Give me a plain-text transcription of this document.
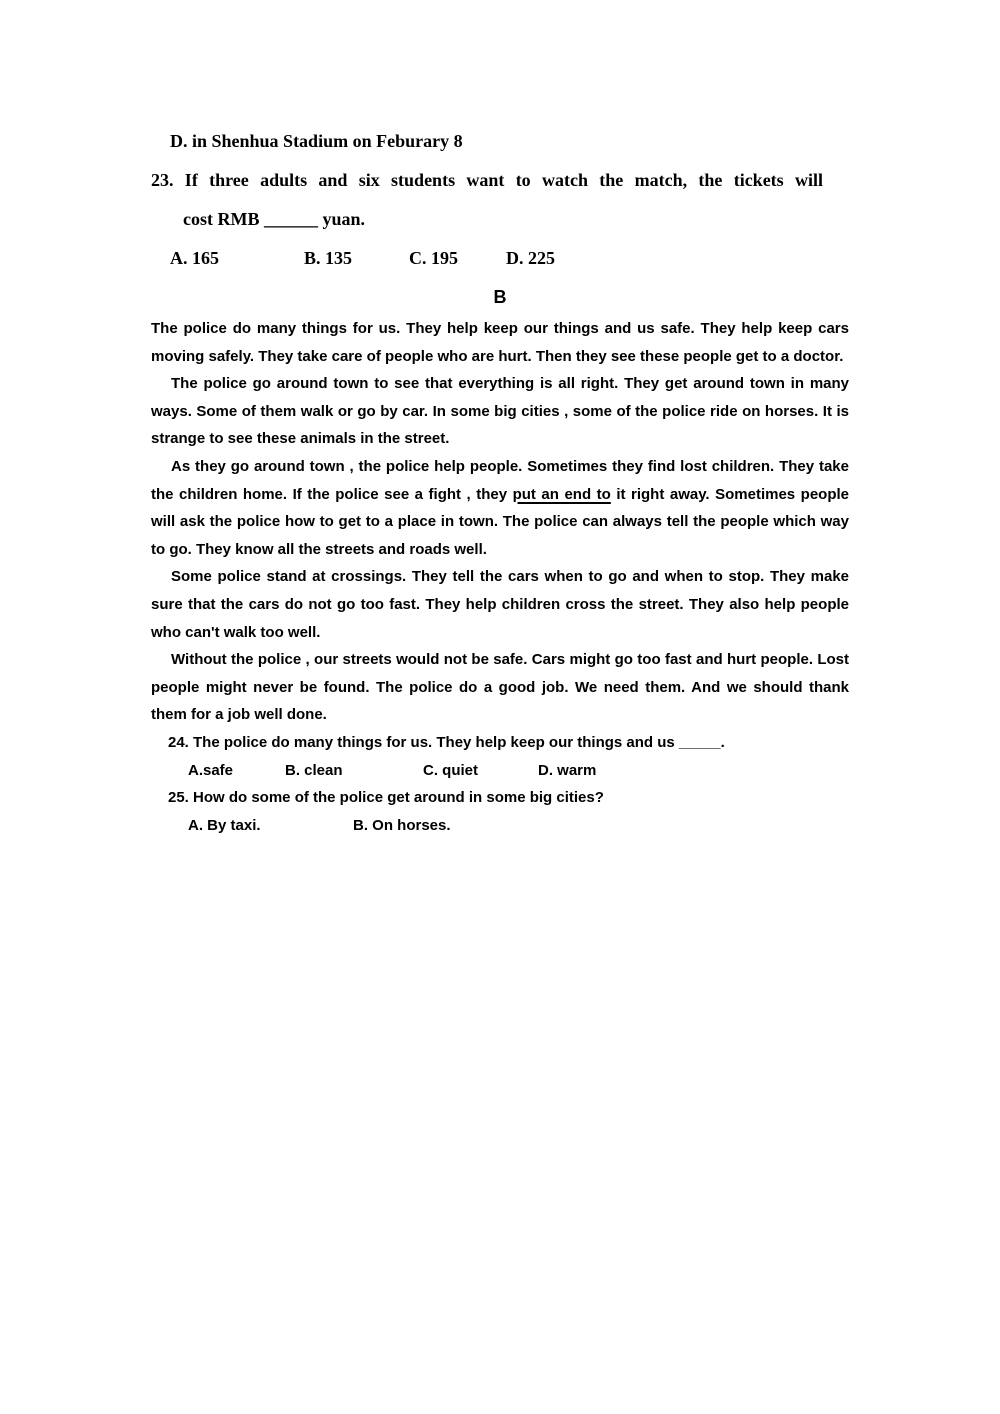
D. in Shenhua Stadium on Feburary 8
23. If three adults and six students want to watch the match, the tickets will
cost RMB ______ yuan.
A. 165	B. 135	C. 195	D. 225
B

The police do many things for us. They help keep our things and us safe. They help keep cars moving safely. They take care of people who are hurt. Then they see these people get to a doctor.

The police go around town to see that everything is all right. They get around town in many ways. Some of them walk or go by car. In some big cities , some of the police ride on horses. It is strange to see these animals in the street.

As they go around town , the police help people. Sometimes they find lost children. They take the children home. If the police see a fight , they put an end to it right away. Sometimes people will ask the police how to get to a place in town. The police can always tell the people which way to go. They know all the streets and roads well.

Some police stand at crossings. They tell the cars when to go and when to stop. They make sure that the cars do not go too fast. They help children cross the street. They also help people who can't walk too well.

Without the police , our streets would not be safe. Cars might go too fast and hurt people. Lost people might never be found. The police do a good job. We need them. And we should thank them for a job well done.

24. The police do many things for us. They help keep our things and us _____.

A.safe	B. clean	C. quiet	D. warm

25. How do some of the police get around in some big cities?

A. By taxi.	B. On horses.
